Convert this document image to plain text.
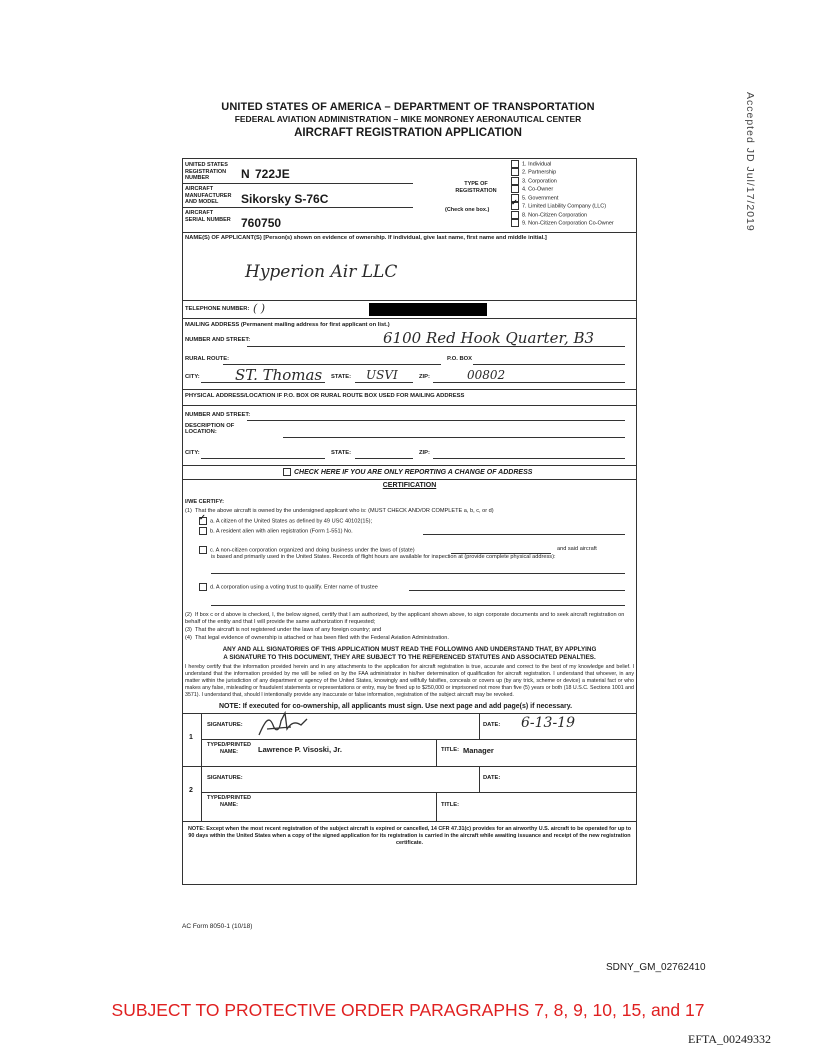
UNITED STATES OF AMERICA – DEPARTMENT OF TRANSPORTATION
FEDERAL AVIATION ADMINISTRATION – MIKE MONRONEY AERONAUTICAL CENTER
AIRCRAFT REGISTRATION APPLICATION	Accepted JD Jul/17/2019
UNITED STATES REGISTRATION NUMBER	N 722JE
AIRCRAFT MANUFACTURER AND MODEL	Sikorsky S-76C
AIRCRAFT SERIAL NUMBER 760750
TYPE OF REGISTRATION
(Check one box.)
1. Individual
2. Partnership
3. Corporation
4. Co-Owner
5. Government
✓7. Limited Liability Company (LLC)
8. Non-Citizen Corporation
9. Non-Citizen Corporation Co-Owner
NAME(S) OF APPLICANT(S) [Person(s) shown on evidence of ownership. If individual, give last name, first name and middle initial.]
Hyperion Air LLC
TELEPHONE NUMBER: ( )
MAILING ADDRESS (Permanent mailing address for first applicant on list.)
NUMBER AND STREET:	6100 Red Hook Quarter, B3
RURAL ROUTE:	P.O. BOX
CITY: ST. Thomas STATE: USVI	ZIP:	00802
PHYSICAL ADDRESS/LOCATION IF P.O. BOX OR RURAL ROUTE BOX USED FOR MAILING ADDRESS
NUMBER AND STREET:
DESCRIPTION OF LOCATION:
CITY:	STATE:	ZIP:
CHECK HERE IF YOU ARE ONLY REPORTING A CHANGE OF ADDRESS
CERTIFICATION
I/WE CERTIFY:
(1)  That the above aircraft is owned by the undersigned applicant who is: (MUST CHECK AND/OR COMPLETE a, b, c, or d)
✓a. A citizen of the United States as defined by 49 USC 40102(15);
b. A resident alien with alien registration (Form 1-551) No.
c. A non-citizen corporation organized and doing business under the laws of (state)	and said aircraft
is based and primarily used in the United States. Records of flight hours are available for inspection at (provide complete physical address):
d. A corporation using a voting trust to qualify. Enter name of trustee
(2)  If box c or d above is checked, I, the below signed, certify that I am authorized, by the applicant shown above, to sign corporate documents and to seek aircraft registration on behalf of the entity and that I will provide the same authorization if requested;
(3)  That the aircraft is not registered under the laws of any foreign country; and
(4)  That legal evidence of ownership is attached or has been filed with the Federal Aviation Administration.
ANY AND ALL SIGNATORIES OF THIS APPLICATION MUST READ THE FOLLOWING AND UNDERSTAND THAT, BY APPLYING
A SIGNATURE TO THIS DOCUMENT, THEY ARE SUBJECT TO THE REFERENCED STATUTES AND ASSOCIATED PENALTIES.
I hereby certify that the information provided herein and in any attachments to the application for aircraft registration is true, accurate and correct to the best of my knowledge and belief. I understand that the information provided by me will be relied on by the FAA administrator in his/her determination of qualification for aircraft registration. I understand that whoever, in any matter within the jurisdiction of any department or agency of the United States, knowingly and willfully falsifies, conceals or covers up (by any trick, scheme or device) a material fact or who makes any false, misleading or fraudulent statements or representations or entry, may be fined up to $250,000 or imprisoned not more than five (5) years or both (18 U.S.C. Sections 1001 and 3571). I understand that, should I intentionally provide any inaccurate or false information, registration of the subject aircraft may be revoked.
NOTE: If executed for co-ownership, all applicants must sign. Use next page and add page(s) if necessary.
1
SIGNATURE:	DATE: 6-13-19
TYPED/PRINTED NAME:	Lawrence P. Visoski, Jr.	TITLE: Manager
2
SIGNATURE:	DATE:
TYPED/PRINTED NAME:	TITLE:
NOTE: Except when the most recent registration of the subject aircraft is expired or cancelled, 14 CFR 47.31(c) provides for an airworthy U.S. aircraft to be operated for up to 90 days within the United States when a copy of the signed application for its registration is carried in the aircraft while awaiting issuance and receipt of the new registration certificate.
AC Form 8050-1 (10/18)
SDNY_GM_02762410
SUBJECT TO PROTECTIVE ORDER PARAGRAPHS 7, 8, 9, 10, 15, and 17
EFTA_00249332
